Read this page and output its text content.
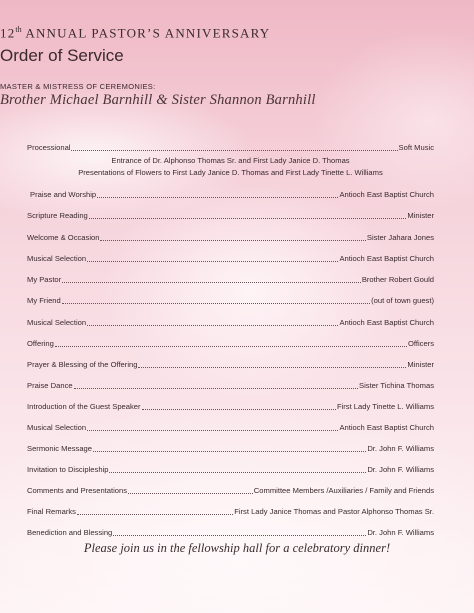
12th ANNUAL PASTOR’S ANNIVERSARY
Order of Service
MASTER & MISTRESS OF CEREMONIES:
Brother Michael Barnhill & Sister Shannon Barnhill
Processional	Soft Music
Entrance of Dr. Alphonso Thomas Sr. and First Lady Janice D. Thomas
Presentations of Flowers to First Lady Janice D. Thomas and First Lady Tinette L. Williams
Praise and Worship	Antioch East Baptist Church
Scripture Reading	Minister
Welcome & Occasion	Sister Jahara Jones
Musical Selection	Antioch East Baptist Church
My Pastor	Brother Robert Gould
My Friend	(out of town guest)
Musical Selection	Antioch East Baptist Church
Offering	Officers
Prayer & Blessing of the Offering	Minister
Praise Dance	Sister Tichina Thomas
Introduction of the Guest Speaker	First Lady Tinette L. Williams
Musical Selection	Antioch East Baptist Church
Sermonic Message	Dr. John F. Williams
Invitation to Discipleship	Dr. John F. Williams
Comments and Presentations	Committee Members /Auxiliaries / Family and Friends
Final Remarks	First Lady Janice Thomas and Pastor Alphonso Thomas Sr.
Benediction and Blessing	Dr. John F. Williams
Please join us in the fellowship hall for a celebratory dinner!
